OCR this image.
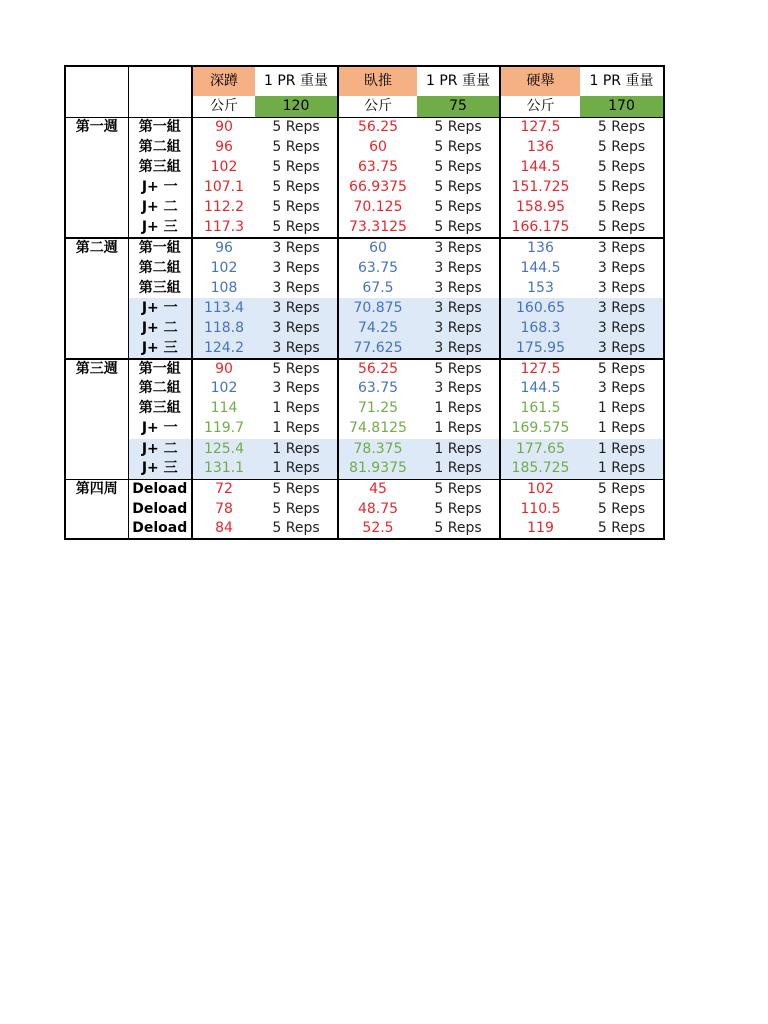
		深蹲	1 PR 重量	臥推	1 PR 重量	硬舉	1 PR 重量
		公斤	120	公斤	75	公斤	170
第一週	第一組	90	5 Reps	56.25	5 Reps	127.5	5 Reps
	第二組	96	5 Reps	60	5 Reps	136	5 Reps
	第三組	102	5 Reps	63.75	5 Reps	144.5	5 Reps
	J+ 一	107.1	5 Reps	66.9375	5 Reps	151.725	5 Reps
	J+ 二	112.2	5 Reps	70.125	5 Reps	158.95	5 Reps
	J+ 三	117.3	5 Reps	73.3125	5 Reps	166.175	5 Reps
第二週	第一組	96	3 Reps	60	3 Reps	136	3 Reps
	第二組	102	3 Reps	63.75	3 Reps	144.5	3 Reps
	第三組	108	3 Reps	67.5	3 Reps	153	3 Reps
	J+ 一	113.4	3 Reps	70.875	3 Reps	160.65	3 Reps
	J+ 二	118.8	3 Reps	74.25	3 Reps	168.3	3 Reps
	J+ 三	124.2	3 Reps	77.625	3 Reps	175.95	3 Reps
第三週	第一組	90	5 Reps	56.25	5 Reps	127.5	5 Reps
	第二組	102	3 Reps	63.75	3 Reps	144.5	3 Reps
	第三組	114	1 Reps	71.25	1 Reps	161.5	1 Reps
	J+ 一	119.7	1 Reps	74.8125	1 Reps	169.575	1 Reps
	J+ 二	125.4	1 Reps	78.375	1 Reps	177.65	1 Reps
	J+ 三	131.1	1 Reps	81.9375	1 Reps	185.725	1 Reps
第四周	Deload	72	5 Reps	45	5 Reps	102	5 Reps
	Deload	78	5 Reps	48.75	5 Reps	110.5	5 Reps
	Deload	84	5 Reps	52.5	5 Reps	119	5 Reps
